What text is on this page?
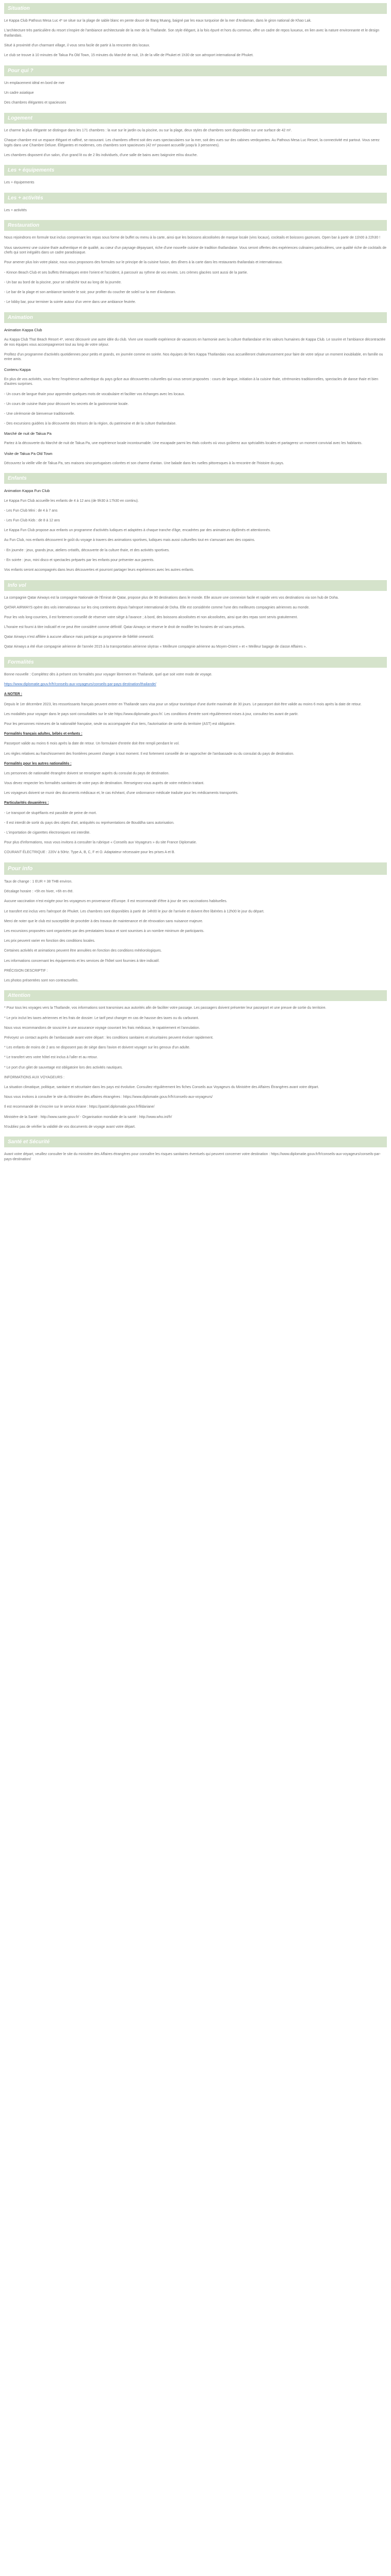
Situation

Le Kappa Club Pathous Mesa Luc 4* se situe sur la plage de sable blanc en pente douce de Bang Muang, baigné par les eaux turquoise de la mer d'Andaman, dans le giron national de Khao Lak.

L'architecture très particulière du resort s'inspire de l'ambiance architecturale de la mer de la Thaïlande. Son style élégant, à la fois épuré et hors du commun, offre un cadre de repos luxueux, en lien avec la nature environnante et le design thaïlandais.

Situé à proximité d'un charmant village, il vous sera facile de partir à la rencontre des locaux.

Le club se trouve à 10 minutes de Takua Pa Old Town, 15 minutes du Marché de nuit, 1h de la ville de Phuket et 1h30 de son aéroport international de Phuket.

Pour qui ?

Un emplacement idéal en bord de mer

Un cadre asiatique

Des chambres élégantes et spacieuses

Logement

Le charme la plus élégante se distingue dans les 171 chambres : la vue sur le jardin ou la piscine, ou sur la plage, deux styles de chambres sont disponibles sur une surface de 42 m².

Chaque chambre est un espace élégant et raffiné, se rassurant. Les chambres offrent soit des vues spectaculaires sur la mer, soit des vues sur des cabines verdoyantes. Au Pathous Mesa Luc Resort, la connectivité est partout. Vous serez logés dans une Chambre Deluxe. Élégantes et modernes, ces chambres sont spacieuses (42 m² pouvant accueillir jusqu'à 3 personnes).

Les chambres disposent d'un salon, d'un grand lit ou de 2 lits individuels, d'une salle de bains avec baignoire et/ou douche.

Les + équipements

Les + équipements

Les + activités

Les + activités

Restauration

Nous rejoindrons en formule tout inclus comprenant les repas sous forme de buffet ou menu à la carte, ainsi que les boissons alcoolisées de marque locale (vins locaux), cocktails et boissons gazeuses. Open bar à partir de 11h00 à 22h30 !

Vous savourerez une cuisine thaïe authentique et de qualité, au cœur d'un paysage dépaysant, riche d'une nouvelle cuisine de tradition thaïlandaise. Vous seront offertes des expériences culinaires particulières, une qualité riche de cocktails de chefs qui sont inégalés dans un cadre paradisiaque.

Pour amener plus loin votre plaisir, nous vous proposons des formules sur le principe de la cuisine fusion, des dîners à la carte dans les restaurants thaïlandais et internationaux.

- Kinnon Beach Club et ses buffets thématiques entre l'orient et l'occident, à parcourir au rythme de vos envies. Les crèmes glacées sont aussi de la partie.

- Un bar au bord de la piscine, pour se rafraîchir tout au long de la journée.

- Le bar de la plage et son ambiance tamisée le soir, pour profiter du coucher de soleil sur la mer d'Andaman.

- Le lobby bar, pour terminer la soirée autour d'un verre dans une ambiance feutrée.

Animation

Animation Kappa Club

Au Kappa Club Thaï Beach Resort 4*, venez découvrir une autre idée du club. Vivre une nouvelle expérience de vacances en harmonie avec la culture thaïlandaise et les valeurs humaines de Kappa Club. Le sourire et l'ambiance décontractée de nos équipes vous accompagneront tout au long de votre séjour.

Profitez d'un programme d'activités quotidiennes pour petits et grands, en journée comme en soirée. Nos équipes de fiers Kappa Thaïlandais vous accueilleront chaleureusement pour faire de votre séjour un moment inoubliable, en famille ou entre amis.

Contenu Kappa

En plus de vos activités, vous ferez l'expérience authentique du pays grâce aux découvertes culturelles qui vous seront proposées : cours de langue, initiation à la cuisine thaïe, cérémonies traditionnelles, spectacles de danse thaïe et bien d'autres surprises.

- Un cours de langue thaïe pour apprendre quelques mots de vocabulaire et faciliter vos échanges avec les locaux.

- Un cours de cuisine thaïe pour découvrir les secrets de la gastronomie locale.

- Une cérémonie de bienvenue traditionnelle.

- Des excursions guidées à la découverte des trésors de la région, du patrimoine et de la culture thaïlandaise.

Marché de nuit de Takua Pa

Partez à la découverte du Marché de nuit de Takua Pa, une expérience locale incontournable. Une escapade parmi les étals colorés où vous goûterez aux spécialités locales et partagerez un moment convivial avec les habitants.

Visite de Takua Pa Old Town

Découvrez la vieille ville de Takua Pa, ses maisons sino-portugaises colorées et son charme d'antan. Une balade dans les ruelles pittoresques à la rencontre de l'histoire du pays.

Enfants

Animation Kappa Fun Club

Le Kappa Fun Club accueille les enfants de 4 à 12 ans (de 9h30 à 17h30 en continu).

- Les Fun Club Mini : de 4 à 7 ans

- Les Fun Club Kids : de 8 à 12 ans

Le Kappa Fun Club propose aux enfants un programme d'activités ludiques et adaptées à chaque tranche d'âge, encadrées par des animateurs diplômés et attentionnés.

Au Fun Club, nos enfants découvrent le goût du voyage à travers des animations sportives, ludiques mais aussi culturelles tout en s'amusant avec des copains.

- En journée : jeux, grands jeux, ateliers créatifs, découverte de la culture thaïe, et des activités sportives.

- En soirée : jeux, mini disco et spectacles préparés par les enfants pour présenter aux parents.

Vos enfants seront accompagnés dans leurs découvertes et pourront partager leurs expériences avec les autres enfants.

Info vol

La compagnie Qatar Airways est la compagnie Nationale de l'Émirat de Qatar, propose plus de 90 destinations dans le monde. Elle assure une connexion facile et rapide vers vos destinations via son hub de Doha.

QATAR AIRWAYS opère des vols internationaux sur les cinq continents depuis l'aéroport international de Doha. Elle est considérée comme l'une des meilleures compagnies aériennes au monde.

Pour les vols long-courriers, il est fortement conseillé de réserver votre siège à l'avance ; à bord, des boissons alcoolisées et non alcoolisées, ainsi que des repas sont servis gratuitement.

L'horaire est fourni à titre indicatif et ne peut être considéré comme définitif. Qatar Airways se réserve le droit de modifier les horaires de vol sans préavis.

Qatar Airways n'est affiliée à aucune alliance mais participe au programme de fidélité oneworld.

Qatar Airways a été élue compagnie aérienne de l'année 2015 à la transportation aérienne skytrax « Meilleure compagnie aérienne au Moyen-Orient » et « Meilleur bagage de classe Affaires ».

Formalités

Bonne nouvelle : Complétez dès à présent ces formalités pour voyager librement en Thaïlande, quel que soit votre mode de voyage.

https://www.diplomatie.gouv.fr/fr/conseils-aux-voyageurs/conseils-par-pays-destination/thailande/

A NOTER :

Depuis le 1er décembre 2023, les ressortissants français peuvent entrer en Thaïlande sans visa pour un séjour touristique d'une durée maximale de 30 jours. Le passeport doit être valide au moins 6 mois après la date de retour.

Les modalités pour voyager dans le pays sont consultables sur le site https://www.diplomatie.gouv.fr/. Les conditions d'entrée sont régulièrement mises à jour, consultez-les avant de partir.

Pour les personnes mineures de la nationalité française, seule ou accompagnée d'un tiers, l'autorisation de sortie du territoire (AST) est obligatoire.

Formalités français adultes, bébés et enfants :

Passeport valide au moins 6 mois après la date de retour. Un formulaire d'entrée doit être rempli pendant le vol.

Les règles relatives au franchissement des frontières peuvent changer à tout moment. Il est fortement conseillé de se rapprocher de l'ambassade ou du consulat du pays de destination.

Formalités pour les autres nationalités :

Les personnes de nationalité étrangère doivent se renseigner auprès du consulat du pays de destination.

Vous devez respecter les formalités sanitaires de votre pays de destination. Renseignez-vous auprès de votre médecin traitant.

Les voyageurs doivent se munir des documents médicaux et, le cas échéant, d'une ordonnance médicale traduite pour les médicaments transportés.

Particularités douanières :

- Le transport de stupéfiants est passible de peine de mort.

- Il est interdit de sortir du pays des objets d'art, antiquités ou représentations de Bouddha sans autorisation.

- L'importation de cigarettes électroniques est interdite.

Pour plus d'informations, nous vous invitons à consulter la rubrique « Conseils aux Voyageurs » du site France Diplomatie.

COURANT ÉLECTRIQUE : 220V à 50Hz. Type A, B, C, F et O. Adaptateur nécessaire pour les prises A et B.

Pour info

Taux de change : 1 EUR = 38 THB environ.

Décalage horaire : +5h en hiver, +6h en été.

Aucune vaccination n'est exigée pour les voyageurs en provenance d'Europe. Il est recommandé d'être à jour de ses vaccinations habituelles.

Le transfert est inclus vers l'aéroport de Phuket. Les chambres sont disponibles à partir de 14h00 le jour de l'arrivée et doivent être libérées à 12h00 le jour du départ.

Merci de noter que le club est susceptible de procéder à des travaux de maintenance et de rénovation sans nuisance majeure.

Les excursions proposées sont organisées par des prestataires locaux et sont soumises à un nombre minimum de participants.

Les prix peuvent varier en fonction des conditions locales.

Certaines activités et animations peuvent être annulées en fonction des conditions météorologiques.

Les informations concernant les équipements et les services de l'hôtel sont fournies à titre indicatif.

PRÉCISION DESCRIPTIF :

Les photos présentées sont non contractuelles.

Attention

* Pour tous les voyages vers la Thaïlande, vos informations sont transmises aux autorités afin de faciliter votre passage. Les passagers doivent présenter leur passeport et une preuve de sortie du territoire.

* Le prix inclut les taxes aériennes et les frais de dossier. Le tarif peut changer en cas de hausse des taxes ou du carburant.

Nous vous recommandons de souscrire à une assurance voyage couvrant les frais médicaux, le rapatriement et l'annulation.

Prévoyez un contact auprès de l'ambassade avant votre départ : les conditions sanitaires et sécuritaires peuvent évoluer rapidement.

* Les enfants de moins de 2 ans ne disposent pas de siège dans l'avion et doivent voyager sur les genoux d'un adulte.

* Le transfert vers votre hôtel est inclus à l'aller et au retour.

* Le port d'un gilet de sauvetage est obligatoire lors des activités nautiques.

INFORMATIONS AUX VOYAGEURS :

La situation climatique, politique, sanitaire et sécuritaire dans les pays est évolutive. Consultez régulièrement les fiches Conseils aux Voyageurs du Ministère des Affaires Étrangères avant votre départ.

Nous vous invitons à consulter le site du Ministère des affaires étrangères : https://www.diplomatie.gouv.fr/fr/conseils-aux-voyageurs/

Il est recommandé de s'inscrire sur le service Ariane : https://pastel.diplomatie.gouv.fr/fildariane/

Ministère de la Santé : http://www.sante.gouv.fr/ - Organisation mondiale de la santé : http://www.who.int/fr/

N'oubliez pas de vérifier la validité de vos documents de voyage avant votre départ.

Santé et Sécurité

Avant votre départ, veuillez consulter le site du ministère des Affaires étrangères pour connaître les risques sanitaires éventuels qui peuvent concerner votre destination : https://www.diplomatie.gouv.fr/fr/conseils-aux-voyageurs/conseils-par-pays-destination/
